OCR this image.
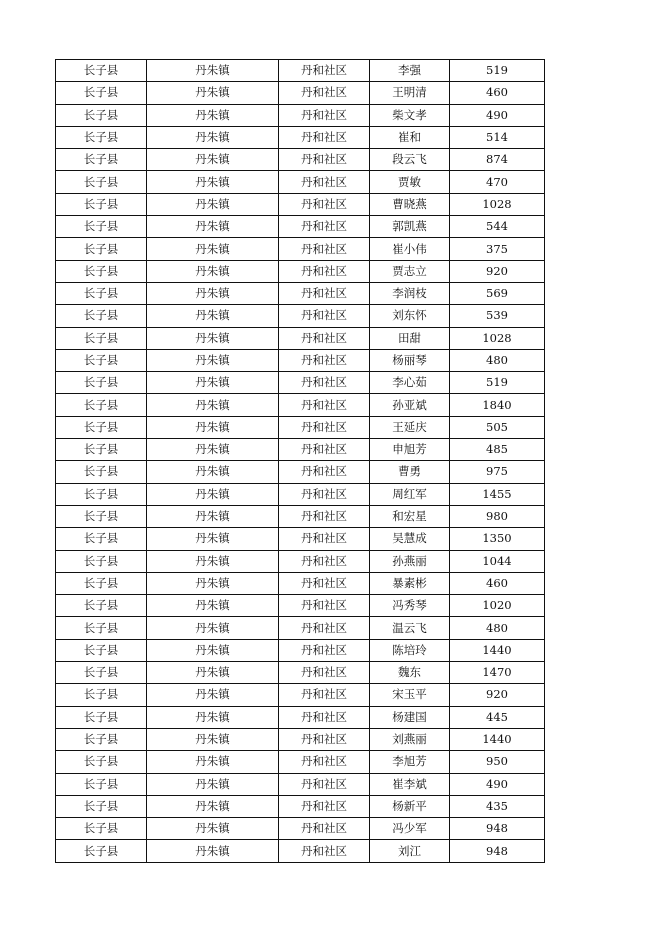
长子县	丹朱镇	丹和社区	李强	519
长子县	丹朱镇	丹和社区	王明清	460
长子县	丹朱镇	丹和社区	柴文孝	490
长子县	丹朱镇	丹和社区	崔和	514
长子县	丹朱镇	丹和社区	段云飞	874
长子县	丹朱镇	丹和社区	贾敏	470
长子县	丹朱镇	丹和社区	曹晓燕	1028
长子县	丹朱镇	丹和社区	郭凯燕	544
长子县	丹朱镇	丹和社区	崔小伟	375
长子县	丹朱镇	丹和社区	贾志立	920
长子县	丹朱镇	丹和社区	李润枝	569
长子县	丹朱镇	丹和社区	刘东怀	539
长子县	丹朱镇	丹和社区	田甜	1028
长子县	丹朱镇	丹和社区	杨丽琴	480
长子县	丹朱镇	丹和社区	李心茹	519
长子县	丹朱镇	丹和社区	孙亚斌	1840
长子县	丹朱镇	丹和社区	王延庆	505
长子县	丹朱镇	丹和社区	申旭芳	485
长子县	丹朱镇	丹和社区	曹勇	975
长子县	丹朱镇	丹和社区	周红军	1455
长子县	丹朱镇	丹和社区	和宏星	980
长子县	丹朱镇	丹和社区	吴慧成	1350
长子县	丹朱镇	丹和社区	孙燕丽	1044
长子县	丹朱镇	丹和社区	暴素彬	460
长子县	丹朱镇	丹和社区	冯秀琴	1020
长子县	丹朱镇	丹和社区	温云飞	480
长子县	丹朱镇	丹和社区	陈培玲	1440
长子县	丹朱镇	丹和社区	魏东	1470
长子县	丹朱镇	丹和社区	宋玉平	920
长子县	丹朱镇	丹和社区	杨建国	445
长子县	丹朱镇	丹和社区	刘燕丽	1440
长子县	丹朱镇	丹和社区	李旭芳	950
长子县	丹朱镇	丹和社区	崔李斌	490
长子县	丹朱镇	丹和社区	杨新平	435
长子县	丹朱镇	丹和社区	冯少军	948
长子县	丹朱镇	丹和社区	刘江	948
